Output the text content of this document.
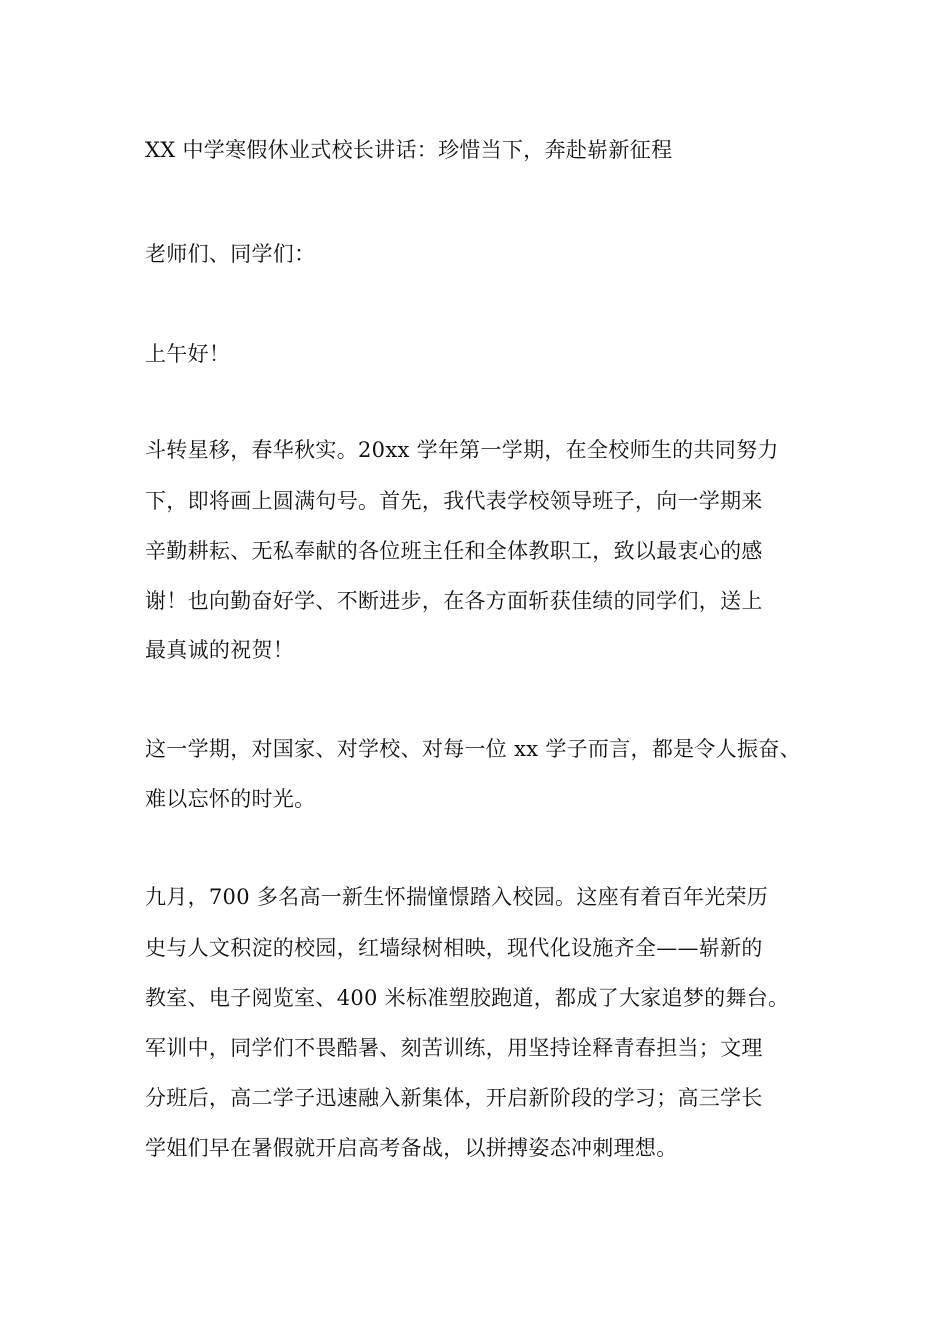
XX 中学寒假休业式校长讲话：珍惜当下，奔赴崭新征程

老师们、同学们：

上午好！

斗转星移，春华秋实。20xx 学年第一学期，在全校师生的共同努力

下，即将画上圆满句号。首先，我代表学校领导班子，向一学期来

辛勤耕耘、无私奉献的各位班主任和全体教职工，致以最衷心的感

谢！也向勤奋好学、不断进步，在各方面斩获佳绩的同学们，送上

最真诚的祝贺！

这一学期，对国家、对学校、对每一位 xx 学子而言，都是令人振奋、

难以忘怀的时光。

九月，700 多名高一新生怀揣憧憬踏入校园。这座有着百年光荣历

史与人文积淀的校园，红墙绿树相映，现代化设施齐全——崭新的

教室、电子阅览室、400 米标准塑胶跑道，都成了大家追梦的舞台。

军训中，同学们不畏酷暑、刻苦训练，用坚持诠释青春担当；文理

分班后，高二学子迅速融入新集体，开启新阶段的学习；高三学长

学姐们早在暑假就开启高考备战，以拼搏姿态冲刺理想。
